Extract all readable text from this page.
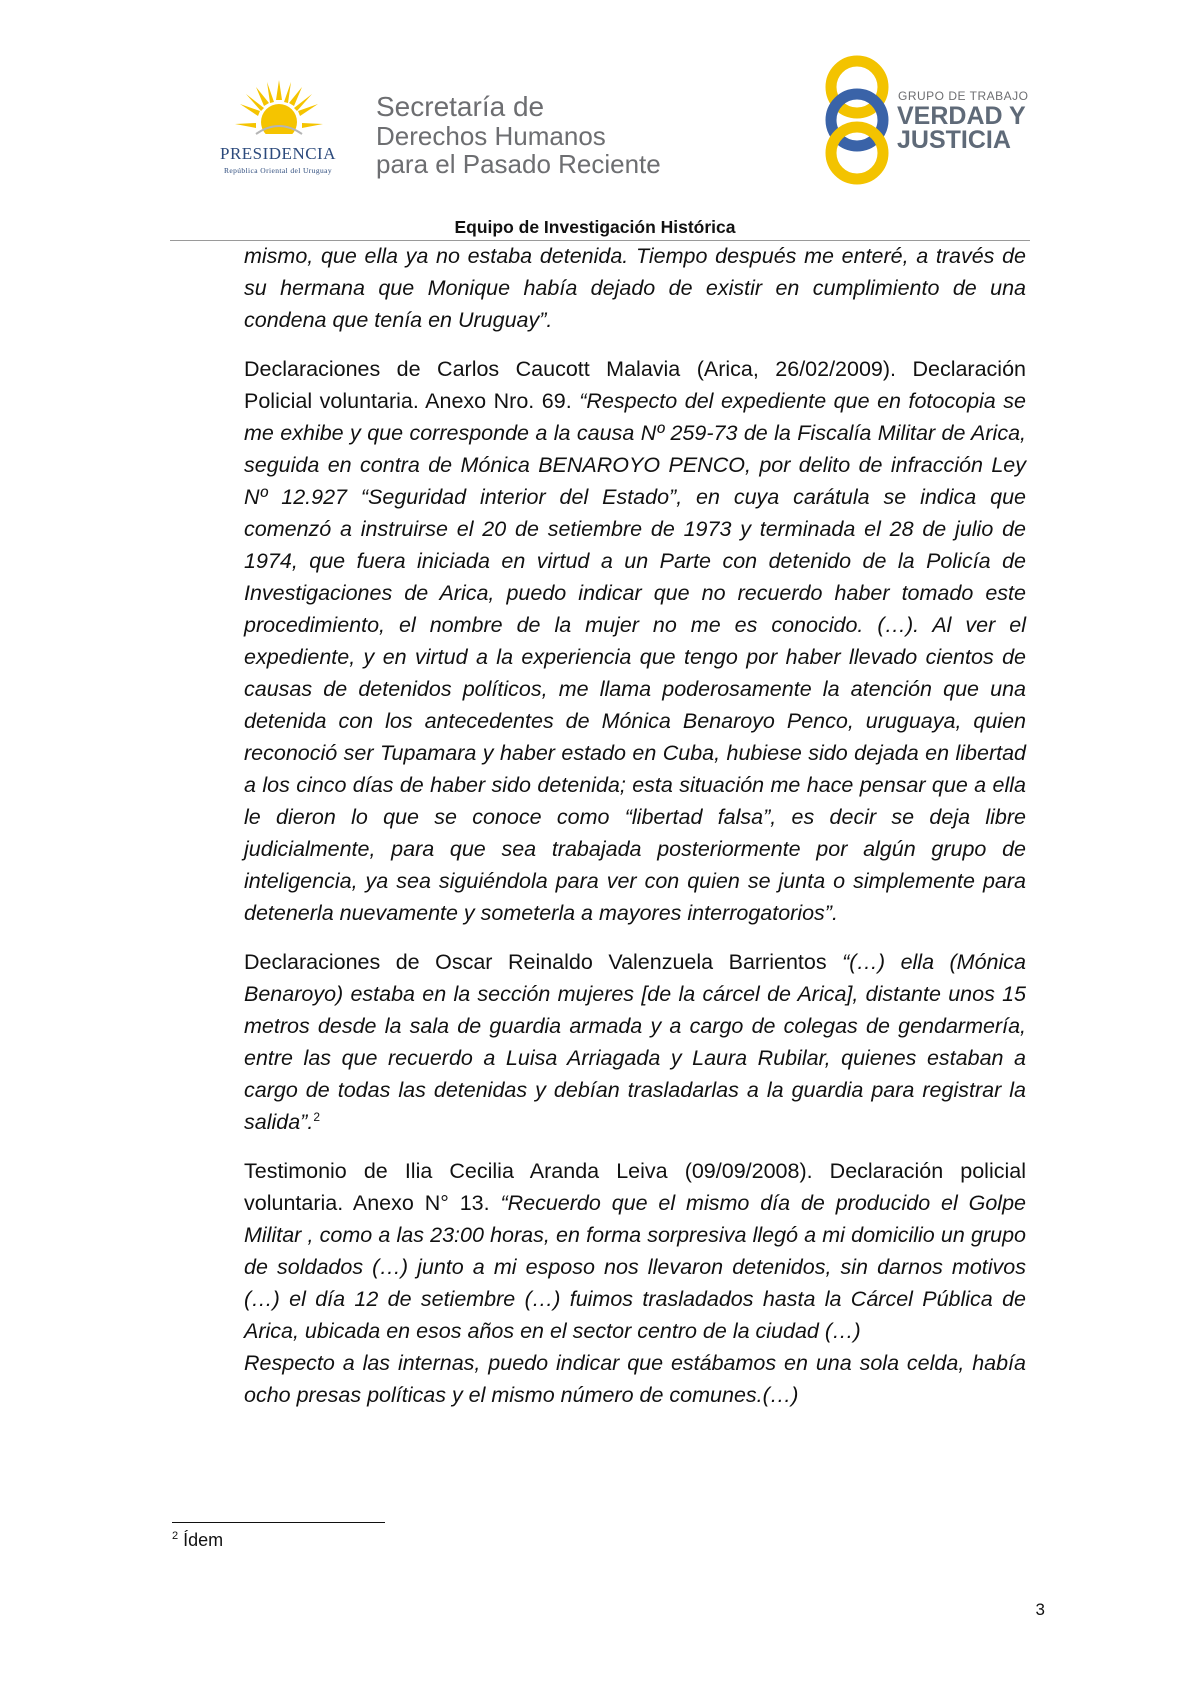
PRESIDENCIA
República Oriental del Uruguay
Secretaría de
Derechos Humanos
para el Pasado Reciente
GRUPO DE TRABAJO
VERDAD Y
JUSTICIA
Equipo de Investigación Histórica

mismo, que ella ya no estaba detenida. Tiempo después me enteré, a través de su hermana que Monique había dejado de existir en cumplimiento de una condena que tenía en Uruguay”.

Declaraciones de Carlos Caucott Malavia (Arica, 26/02/2009). Declaración Policial voluntaria. Anexo Nro. 69. “Respecto del expediente que en fotocopia se me exhibe y que corresponde a la causa Nº 259-73 de la Fiscalía Militar de Arica, seguida en contra de Mónica BENAROYO PENCO, por delito de infracción Ley Nº 12.927 “Seguridad interior del Estado”, en cuya carátula se indica que comenzó a instruirse el 20 de setiembre de 1973 y terminada el 28 de julio de 1974, que fuera iniciada en virtud a un Parte con detenido de la Policía de Investigaciones de Arica, puedo indicar que no recuerdo haber tomado este procedimiento, el nombre de la mujer no me es conocido. (…). Al ver el expediente, y en virtud a la experiencia que tengo por haber llevado cientos de causas de detenidos políticos, me llama poderosamente la atención que una detenida con los antecedentes de Mónica Benaroyo Penco, uruguaya, quien reconoció ser Tupamara y haber estado en Cuba, hubiese sido dejada en libertad a los cinco días de haber sido detenida; esta situación me hace pensar que a ella le dieron lo que se conoce como “libertad falsa”, es decir se deja libre judicialmente, para que sea trabajada posteriormente por algún grupo de inteligencia, ya sea siguiéndola para ver con quien se junta o simplemente para detenerla nuevamente y someterla a mayores interrogatorios”.

Declaraciones de Oscar Reinaldo Valenzuela Barrientos “(…) ella (Mónica Benaroyo) estaba en la sección mujeres [de la cárcel de Arica], distante unos 15 metros desde la sala de guardia armada y a cargo de colegas de gendarmería, entre las que recuerdo a Luisa Arriagada y Laura Rubilar, quienes estaban a cargo de todas las detenidas y debían trasladarlas a la guardia para registrar la salida”.$^2$

Testimonio de Ilia Cecilia Aranda Leiva (09/09/2008). Declaración policial voluntaria. Anexo N° 13. “Recuerdo que el mismo día de producido el Golpe Militar , como a las 23:00 horas, en forma sorpresiva llegó a mi domicilio un grupo de soldados (…) junto a mi esposo nos llevaron detenidos, sin darnos motivos (…) el día 12 de setiembre (…) fuimos trasladados hasta la Cárcel Pública de Arica, ubicada en esos años en el sector centro de la ciudad (…)

Respecto a las internas, puedo indicar que estábamos en una sola celda, había ocho presas políticas y el mismo número de comunes.(…)

$^2$ Ídem
3
